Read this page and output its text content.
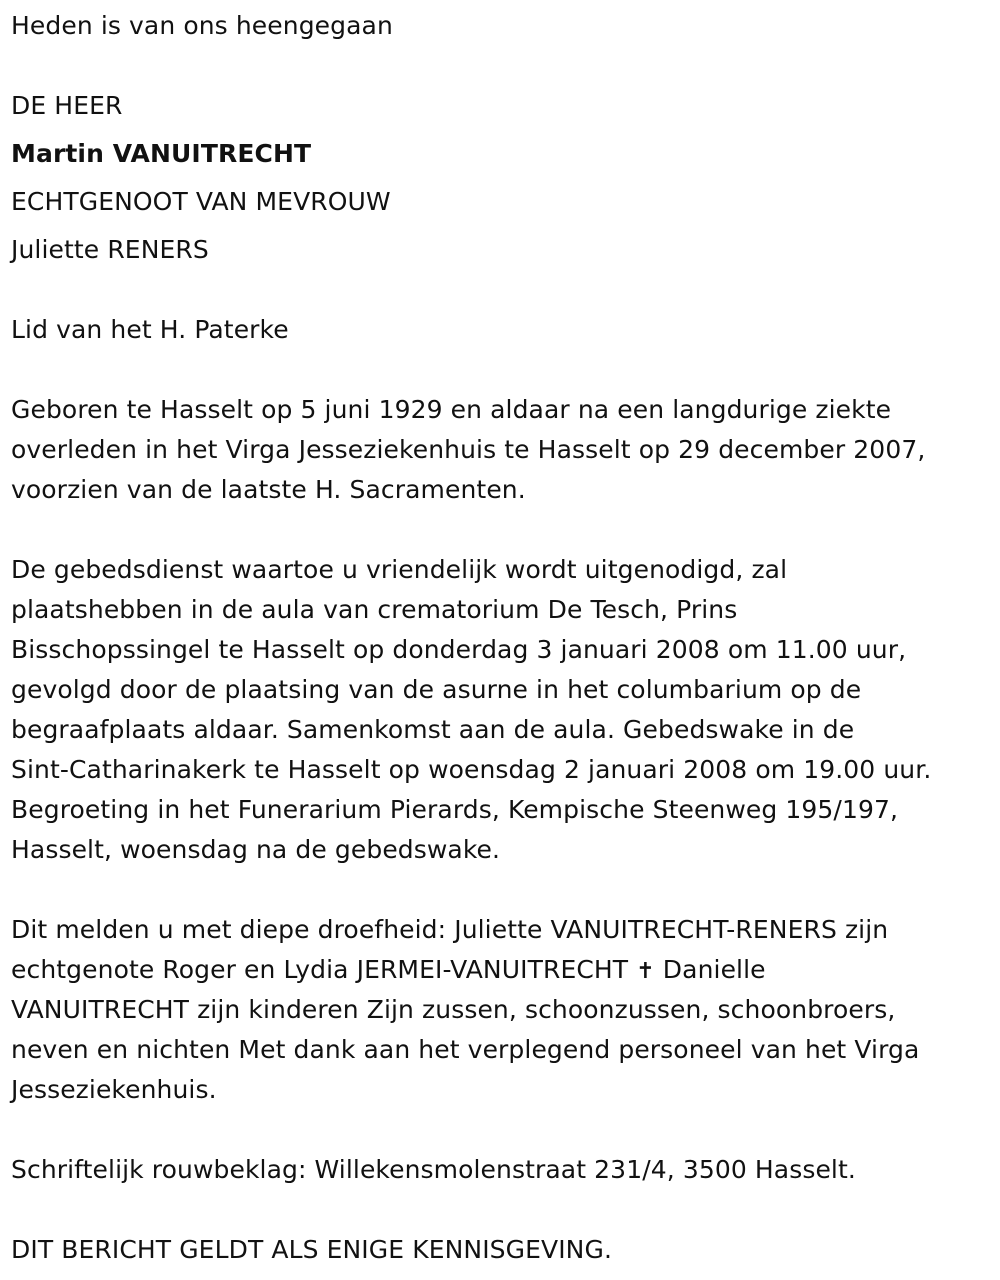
Heden is van ons heengegaan
DE HEER
Martin VANUITRECHT
ECHTGENOOT VAN MEVROUW
Juliette RENERS
Lid van het H. Paterke
Geboren te Hasselt op 5 juni 1929 en aldaar na een langdurige ziekte
overleden in het Virga Jesseziekenhuis te Hasselt op 29 december 2007,
voorzien van de laatste H. Sacramenten.
De gebedsdienst waartoe u vriendelijk wordt uitgenodigd, zal
plaatshebben in de aula van crematorium De Tesch, Prins
Bisschopssingel te Hasselt op donderdag 3 januari 2008 om 11.00 uur,
gevolgd door de plaatsing van de asurne in het columbarium op de
begraafplaats aldaar. Samenkomst aan de aula. Gebedswake in de
Sint-Catharinakerk te Hasselt op woensdag 2 januari 2008 om 19.00 uur.
Begroeting in het Funerarium Pierards, Kempische Steenweg 195/197,
Hasselt, woensdag na de gebedswake.
Dit melden u met diepe droefheid: Juliette VANUITRECHT-RENERS zijn
echtgenote Roger en Lydia JERMEI-VANUITRECHT ✝ Danielle
VANUITRECHT zijn kinderen Zijn zussen, schoonzussen, schoonbroers,
neven en nichten Met dank aan het verplegend personeel van het Virga
Jesseziekenhuis.
Schriftelijk rouwbeklag: Willekensmolenstraat 231/4, 3500 Hasselt.
DIT BERICHT GELDT ALS ENIGE KENNISGEVING.
